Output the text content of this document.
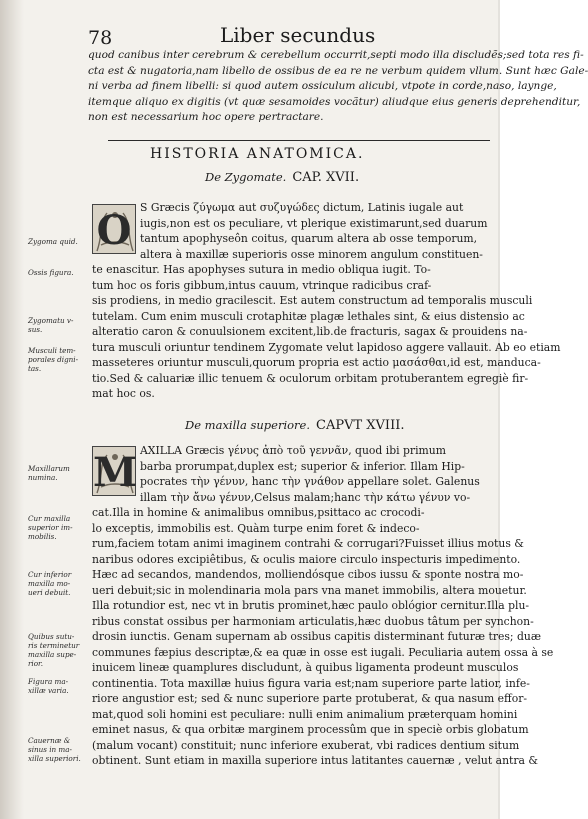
78	Liber secundus
quod canibus inter cerebrum & cerebellum occurrit,septi modo illa discludẽs;sed tota res fi-
cta est & nugatoria,nam libello de ossibus de ea re ne verbum quidem vllum. Sunt hæc Gale-
ni verba ad finem libelli: si quod autem ossiculum alicubi, vtpote in corde,naso, laynge,
itemque aliquo ex digitis (vt quæ sesamoides vocãtur) aliudque eius generis deprehenditur,
non est necessarium hoc opere pertractare.
HISTORIA ANATOMICA.
De Zygomate. CAP. XVII.
O S Græcis ζύγωμα aut συζυγώδες dictum, Latinis iugale aut
iugis,non est os peculiare, vt plerique existimarunt,sed duarum
tantum apophyseôn coitus, quarum altera ab osse temporum,
altera à maxillæ superioris osse minorem angulum constituen-
te enascitur. Has apophyses sutura in medio obliqua iugit. To-
tum hoc os foris gibbum,intus cauum, vtrinque radicibus craf-
sis prodiens, in medio gracilescit. Est autem constructum ad temporalis musculi
tutelam. Cum enim musculi crotaphitæ plagæ lethales sint, & eius distensio ac
alteratio caron & conuulsionem excitent,lib.de fracturis, sagax & prouidens na-
tura musculi oriuntur tendinem Zygomate velut lapidoso aggere vallauit. Ab eo etiam
masseteres oriuntur musculi,quorum propria est actio μασάσθαι,id est, manduca-
tio.Sed & caluariæ illic tenuem & oculorum orbitam protuberantem egregiè fir-
mat hoc os.
De maxilla superiore. CAPVT XVIII.
M AXILLA Græcis γένυς ἀπὸ τοῦ γεννᾶν, quod ibi primum
barba prorumpat,duplex est; superior & inferior. Illam Hip-
pocrates τὴν γένυν, hanc τὴν γνάθον appellare solet. Galenus
illam τὴν ἄνω γένυν,Celsus malam;hanc τὴν κάτω γένυν vo-
cat.Illa in homine & animalibus omnibus,psittaco ac crocodi-
lo exceptis, immobilis est. Quàm turpe enim foret & indeco-
rum,faciem totam animi imaginem contrahi & corrugari?Fuisset illius motus &
naribus odores excipiêtibus, & oculis maiore circulo inspecturis impedimento.
Hæc ad secandos, mandendos, molliendósque cibos iussu & sponte nostra mo-
ueri debuit;sic in molendinaria mola pars vna manet immobilis, altera mouetur.
Illa rotundior est, nec vt in brutis prominet,hæc paulo oblógior cernitur.Illa plu-
ribus constat ossibus per harmoniam articulatis,hæc duobus tâtum per synchon-
drosin iunctis. Genam supernam ab ossibus capitis disterminant futuræ tres; duæ
communes fæpius descriptæ,& ea quæ in osse est iugali. Peculiaria autem ossa à se
inuicem lineæ quamplures discludunt, à quibus ligamenta prodeunt musculos
continentia. Tota maxillæ huius figura varia est;nam superiore parte latior, infe-
riore angustior est; sed & nunc superiore parte protuberat, & qua nasum effor-
mat,quod soli homini est peculiare: nulli enim animalium præterquam homini
eminet nasus, & qua orbitæ marginem processûm que in speciè orbis globatum
(malum vocant) constituit; nunc inferiore exuberat, vbi radices dentium situm
obtinent. Sunt etiam in maxilla superiore intus latitantes cauernæ , velut antra &
Zygoma quid.
Ossis figura.
Zygomatu v-
sus.
Musculi tem-
porales digni-
tas.
Maxillarum
numina.
Cur maxilla
superior im-
mobilis.
Cur inferior
maxilla mo-
ueri debuit.
Quibus sutu-
ris terminetur
maxilla supe-
rior.
Figura ma-
xillæ varia.
Cauernæ &
sinus in ma-
xilla superiori.
